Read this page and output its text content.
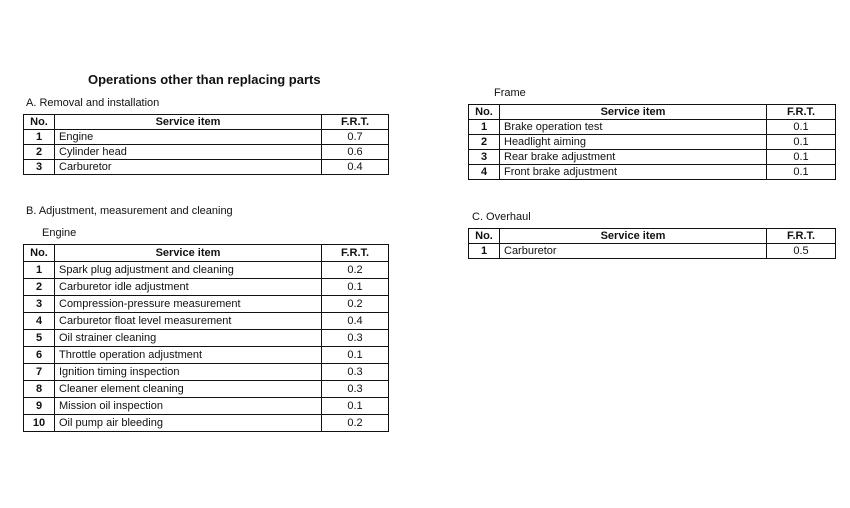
Operations other than replacing parts
A. Removal and installation
No.	Service item	F.R.T.
1	Engine	0.7
2	Cylinder head	0.6
3	Carburetor	0.4
B. Adjustment, measurement and cleaning
Engine
No.	Service item	F.R.T.
1	Spark plug adjustment and cleaning	0.2
2	Carburetor idle adjustment	0.1
3	Compression-pressure measurement	0.2
4	Carburetor float level measurement	0.4
5	Oil strainer cleaning	0.3
6	Throttle operation adjustment	0.1
7	Ignition timing inspection	0.3
8	Cleaner element cleaning	0.3
9	Mission oil inspection	0.1
10	Oil pump air bleeding	0.2
Frame
No.	Service item	F.R.T.
1	Brake operation test	0.1
2	Headlight aiming	0.1
3	Rear brake adjustment	0.1
4	Front brake adjustment	0.1
C. Overhaul
No.	Service item	F.R.T.
1	Carburetor	0.5
